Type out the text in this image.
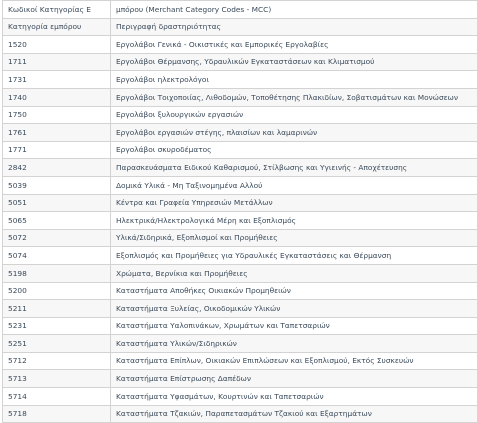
Κωδικοί Κατηγορίας Ε	μπόρου (Merchant Category Codes - MCC)
Κατηγορία εμπόρου	Περιγραφή δραστηριότητας
1520	Εργολάβοι Γενικά - Οικιστικές και Εμπορικές Εργολαβίες
1711	Εργολάβοι Θέρμανσης, Υδραυλικών Εγκαταστάσεων και Κλιματισμού
1731	Εργολάβοι ηλεκτρολόγοι
1740	Εργολάβοι Τοιχοποιίας, Λιθοδομών, Τοποθέτησης Πλακιδίων, Σοβατισμάτων και Μονώσεων
1750	Εργολάβοι ξυλουργικών εργασιών
1761	Εργολάβοι εργασιών στέγης, πλαισίων και λαμαρινών
1771	Εργολάβοι σκυροδέματος
2842	Παρασκευάσματα Ειδικού Καθαρισμού, Στίλβωσης και Υγιεινής - Αποχέτευσης
5039	Δομικά Υλικά - Μη Ταξινομημένα Αλλού
5051	Κέντρα και Γραφεία Υπηρεσιών Μετάλλων
5065	Ηλεκτρικά/Ηλεκτρολογικά Μέρη και Εξοπλισμός
5072	Υλικά/Σιδηρικά, Εξοπλισμοί και Προμήθειες
5074	Εξοπλισμός και Προμήθειες για Υδραυλικές Εγκαταστάσεις και Θέρμανση
5198	Χρώματα, Βερνίκια και Προμήθειες
5200	Καταστήματα Αποθήκες Οικιακών Προμηθειών
5211	Καταστήματα Ξυλείας, Οικοδομικών Υλικών
5231	Καταστήματα Υαλοπινάκων, Χρωμάτων και Ταπετσαριών
5251	Καταστήματα Υλικών/Σιδηρικών
5712	Καταστήματα Επίπλων, Οικιακών Επιπλώσεων και Εξοπλισμού, Εκτός Συσκευών
5713	Καταστήματα Επίστρωσης Δαπέδων
5714	Καταστήματα Υφασμάτων, Κουρτινών και Ταπετσαριών
5718	Καταστήματα Τζακιών, Παραπετασμάτων Τζακιού και Εξαρτημάτων
